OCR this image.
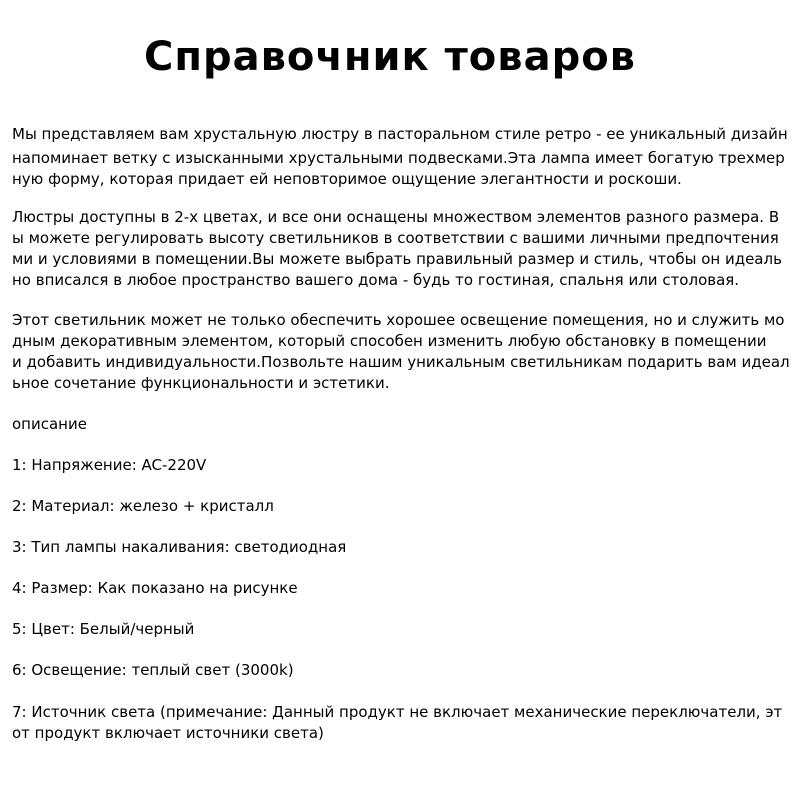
Справочник товаров

Мы представляем вам хрустальную люстру в пасторальном стиле ретро - ее уникальный дизайн

напоминает ветку с изысканными хрустальными подвесками.Эта лампа имеет богатую трехмер

ную форму, которая придает ей неповторимое ощущение элегантности и роскоши.

Люстры доступны в 2-х цветах, и все они оснащены множеством элементов разного размера. В

ы можете регулировать высоту светильников в соответствии с вашими личными предпочтения

ми и условиями в помещении.Вы можете выбрать правильный размер и стиль, чтобы он идеаль

но вписался в любое пространство вашего дома - будь то гостиная, спальня или столовая.

Этот светильник может не только обеспечить хорошее освещение помещения, но и служить мо

дным декоративным элементом, который способен изменить любую обстановку в помещении

и добавить индивидуальности.Позвольте нашим уникальным светильникам подарить вам идеал

ьное сочетание функциональности и эстетики.

описание

1: Напряжение: AC-220V

2: Материал: железо + кристалл

3: Тип лампы накаливания: светодиодная

4: Размер: Как показано на рисунке

5: Цвет: Белый/черный

6: Освещение: теплый свет (3000k)

7: Источник света (примечание: Данный продукт не включает механические переключатели, эт

от продукт включает источники света)
